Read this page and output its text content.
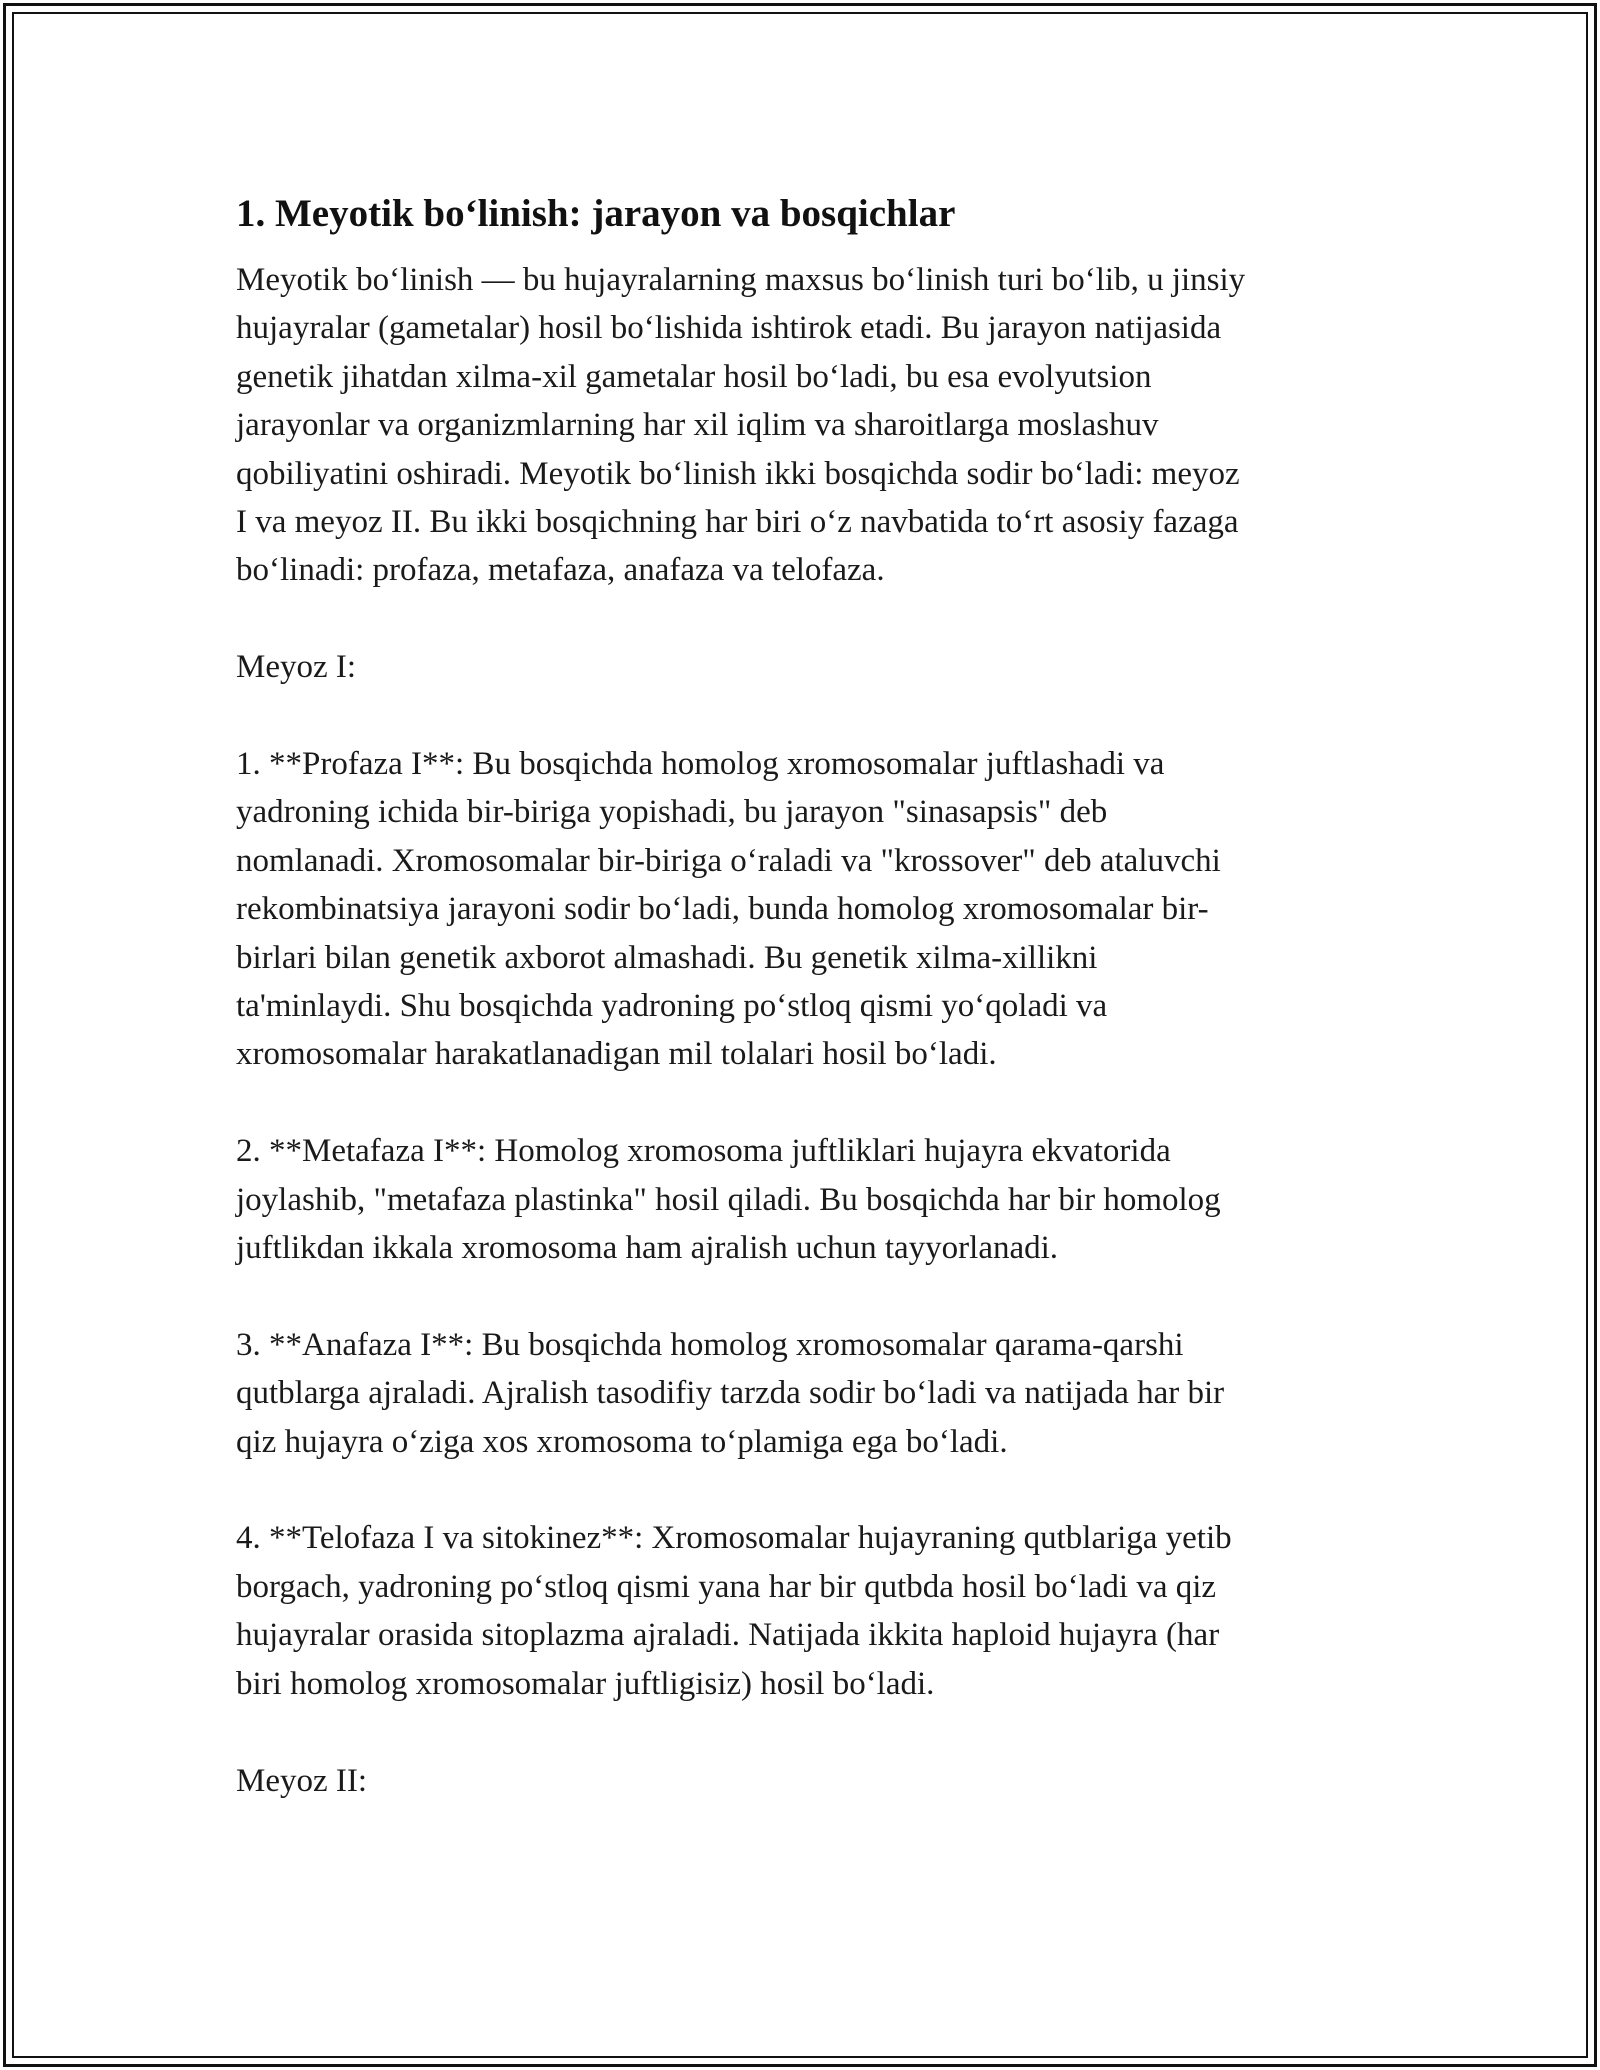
1. Meyotik bo‘linish: jarayon va bosqichlar

Meyotik bo‘linish — bu hujayralarning maxsus bo‘linish turi bo‘lib, u jinsiy
hujayralar (gametalar) hosil bo‘lishida ishtirok etadi. Bu jarayon natijasida
genetik jihatdan xilma-xil gametalar hosil bo‘ladi, bu esa evolyutsion
jarayonlar va organizmlarning har xil iqlim va sharoitlarga moslashuv
qobiliyatini oshiradi. Meyotik bo‘linish ikki bosqichda sodir bo‘ladi: meyoz
I va meyoz II. Bu ikki bosqichning har biri o‘z navbatida to‘rt asosiy fazaga
bo‘linadi: profaza, metafaza, anafaza va telofaza.

Meyoz I:

1. **Profaza I**: Bu bosqichda homolog xromosomalar juftlashadi va
yadroning ichida bir-biriga yopishadi, bu jarayon "sinasapsis" deb
nomlanadi. Xromosomalar bir-biriga o‘raladi va "krossover" deb ataluvchi
rekombinatsiya jarayoni sodir bo‘ladi, bunda homolog xromosomalar bir-
birlari bilan genetik axborot almashadi. Bu genetik xilma-xillikni
ta'minlaydi. Shu bosqichda yadroning po‘stloq qismi yo‘qoladi va
xromosomalar harakatlanadigan mil tolalari hosil bo‘ladi.

2. **Metafaza I**: Homolog xromosoma juftliklari hujayra ekvatorida
joylashib, "metafaza plastinka" hosil qiladi. Bu bosqichda har bir homolog
juftlikdan ikkala xromosoma ham ajralish uchun tayyorlanadi.

3. **Anafaza I**: Bu bosqichda homolog xromosomalar qarama-qarshi
qutblarga ajraladi. Ajralish tasodifiy tarzda sodir bo‘ladi va natijada har bir
qiz hujayra o‘ziga xos xromosoma to‘plamiga ega bo‘ladi.

4. **Telofaza I va sitokinez**: Xromosomalar hujayraning qutblariga yetib
borgach, yadroning po‘stloq qismi yana har bir qutbda hosil bo‘ladi va qiz
hujayralar orasida sitoplazma ajraladi. Natijada ikkita haploid hujayra (har
biri homolog xromosomalar juftligisiz) hosil bo‘ladi.

Meyoz II:
